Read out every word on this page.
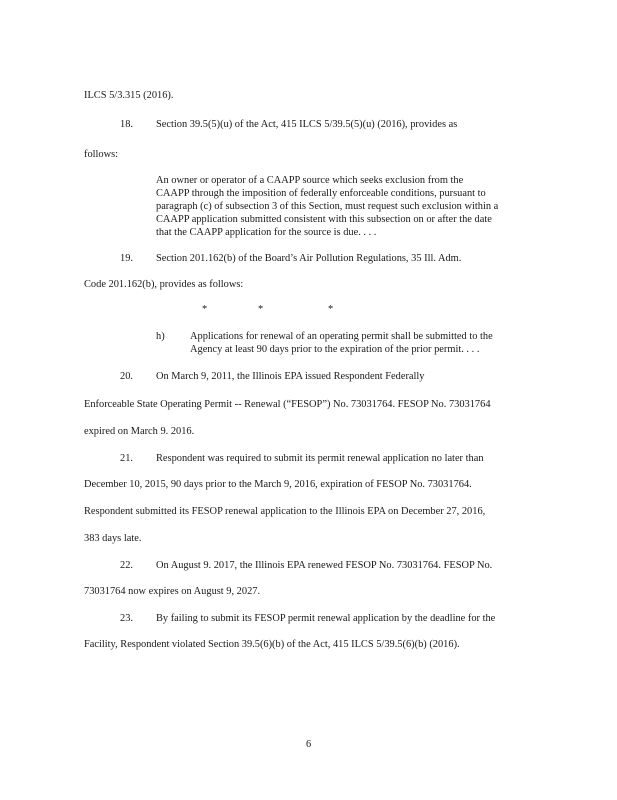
ILCS 5/3.315 (2016).
18. Section 39.5(5)(u) of the Act, 415 ILCS 5/39.5(5)(u) (2016), provides as
follows:
An owner or operator of a CAAPP source which seeks exclusion from the
CAAPP through the imposition of federally enforceable conditions, pursuant to
paragraph (c) of subsection 3 of this Section, must request such exclusion within a
CAAPP application submitted consistent with this subsection on or after the date
that the CAAPP application for the source is due. . . .
19. Section 201.162(b) of the Board’s Air Pollution Regulations, 35 Ill. Adm.
Code 201.162(b), provides as follows:
*	*	*
h) Applications for renewal of an operating permit shall be submitted to the
Agency at least 90 days prior to the expiration of the prior permit. . . .
20. On March 9, 2011, the Illinois EPA issued Respondent Federally
Enforceable State Operating Permit -- Renewal (“FESOP”) No. 73031764. FESOP No. 73031764
expired on March 9. 2016.
21. Respondent was required to submit its permit renewal application no later than
December 10, 2015, 90 days prior to the March 9, 2016, expiration of FESOP No. 73031764.
Respondent submitted its FESOP renewal application to the Illinois EPA on December 27, 2016,
383 days late.
22. On August 9. 2017, the Illinois EPA renewed FESOP No. 73031764. FESOP No.
73031764 now expires on August 9, 2027.
23. By failing to submit its FESOP permit renewal application by the deadline for the
Facility, Respondent violated Section 39.5(6)(b) of the Act, 415 ILCS 5/39.5(6)(b) (2016).
6
